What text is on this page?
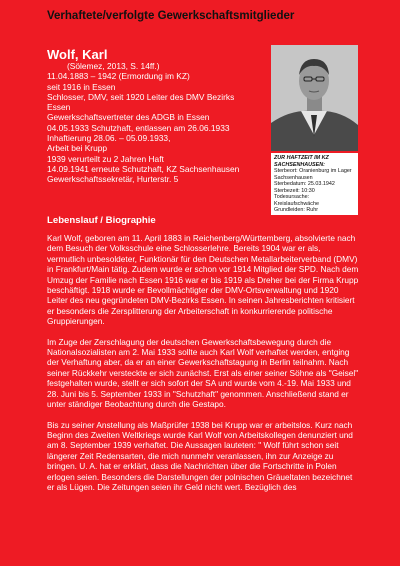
Verhaftete/verfolgte Gewerkschaftsmitglieder
Wolf, Karl
(Sölemez, 2013, S. 14ff.)
11.04.1883 – 1942 (Ermordung im KZ)
seit 1916 in Essen
Schlosser, DMV, seit 1920 Leiter des DMV Bezirks
Essen
Gewerkschaftsvertreter des ADGB in Essen
04.05.1933 Schutzhaft, entlassen am 26.06.1933
Inhaftierung 28.06. – 05.09.1933,
Arbeit bei Krupp
1939 verurteilt zu 2 Jahren Haft
14.09.1941 erneute Schutzhaft, KZ Sachsenhausen
Gewerkschaftssekretär, Hurterstr. 5
ZUR HAFTZEIT IM KZ
SACHSENHAUSEN:
Sterbeort: Oranienburg im Lager
Sachsenhausen
Sterbedatum: 25.03.1942
Sterbezeit: 10:30
Todesursache: Kreislaufschwäche
Grundleiden: Ruhr
Lebenslauf / Biographie

Karl Wolf, geboren am 11. April 1883 in Reichenberg/Württemberg, absolvierte nach dem Besuch der Volksschule eine Schlosserlehre. Bereits 1904 war er als, vermutlich unbesoldeter, Funktionär für den Deutschen Metallarbeiterverband (DMV) in Frankfurt/Main tätig. Zudem wurde er schon vor 1914 Mitglied der SPD. Nach dem Umzug der Familie nach Essen 1916 war er bis 1919 als Dreher bei der Firma Krupp beschäftigt. 1918 wurde er Bevollmächtigter der DMV-Ortsverwaltung und 1920 Leiter des neu gegründeten DMV-Bezirks Essen. In seinen Jahresberichten kritisiert er besonders die Zersplitterung der Arbeiterschaft in konkurrierende politische Gruppierungen.

Im Zuge der Zerschlagung der deutschen Gewerkschaftsbewegung durch die Nationalsozialisten am 2. Mai 1933 sollte auch Karl Wolf verhaftet werden, entging der Verhaftung aber, da er an einer Gewerkschaftstagung in Berlin teilnahm. Nach seiner Rückkehr versteckte er sich zunächst. Erst als einer seiner Söhne als "Geisel" festgehalten wurde, stellt er sich sofort der SA und wurde vom 4.-19. Mai 1933 und 28. Juni bis 5. September 1933 in "Schutzhaft" genommen. Anschließend stand er unter ständiger Beobachtung durch die Gestapo.

Bis zu seiner Anstellung als Maßprüfer 1938 bei Krupp war er arbeitslos. Kurz nach Beginn des Zweiten Weltkriegs wurde Karl Wolf von Arbeitskollegen denunziert und am 8. September 1939 verhaftet. Die Aussagen lauteten: " Wolf führt schon seit längerer Zeit Redensarten, die mich nunmehr veranlassen, ihn zur Anzeige zu bringen. U. A. hat er erklärt, dass die Nachrichten über die Fortschritte in Polen erlogen seien. Besonders die Darstellungen der polnischen Gräueltaten bezeichnet er als Lügen. Die Zeitungen seien ihr Geld nicht wert. Bezüglich des
